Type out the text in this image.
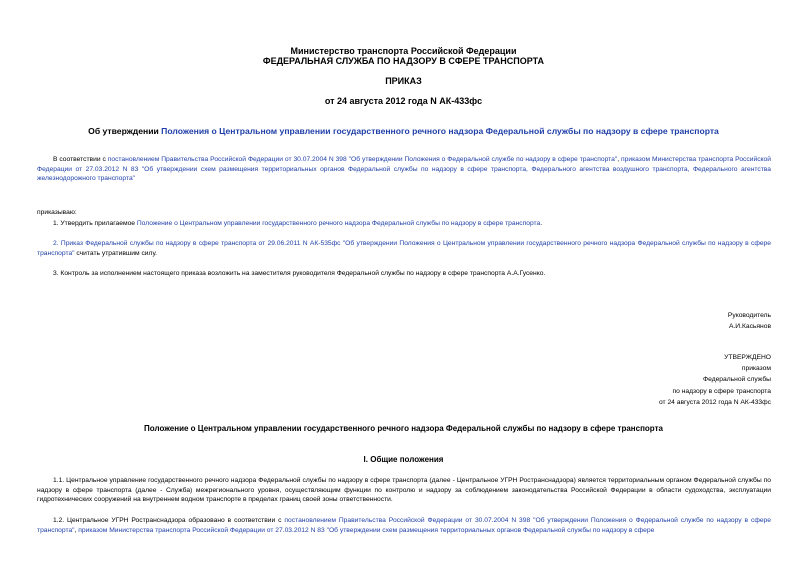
Министерство транспорта Российской Федерации
ФЕДЕРАЛЬНАЯ СЛУЖБА ПО НАДЗОРУ В СФЕРЕ ТРАНСПОРТА
ПРИКАЗ
от 24 августа 2012 года N АК-433фс
Об утверждении Положения о Центральном управлении государственного речного надзора Федеральной службы по надзору в сфере транспорта
В соответствии с постановлением Правительства Российской Федерации от 30.07.2004 N 398 "Об утверждении Положения о Федеральной службе по надзору в сфере транспорта", приказом Министерства транспорта Российской Федерации от 27.03.2012 N 83 "Об утверждении схем размещения территориальных органов Федеральной службы по надзору в сфере транспорта, Федерального агентства воздушного транспорта, Федерального агентства железнодорожного транспорта"
приказываю:
1. Утвердить прилагаемое Положение о Центральном управлении государственного речного надзора Федеральной службы по надзору в сфере транспорта.
2. Приказ Федеральной службы по надзору в сфере транспорта от 29.06.2011 N АК-535фс "Об утверждении Положения о Центральном управлении государственного речного надзора Федеральной службы по надзору в сфере транспорта" считать утратившим силу.
3. Контроль за исполнением настоящего приказа возложить на заместителя руководителя Федеральной службы по надзору в сфере транспорта А.А.Гусенко.
Руководитель
А.И.Касьянов
УТВЕРЖДЕНО
приказом
Федеральной службы
по надзору в сфере транспорта
от 24 августа 2012 года N АК-433фс
Положение о Центральном управлении государственного речного надзора Федеральной службы по надзору в сфере транспорта
I. Общие положения
1.1. Центральное управление государственного речного надзора Федеральной службы по надзору в сфере транспорта (далее - Центральное УГРН Ространснадзора) является территориальным органом Федеральной службы по надзору в сфере транспорта (далее - Служба) межрегионального уровня, осуществляющим функции по контролю и надзору за соблюдением законодательства Российской Федерации в области судоходства, эксплуатации гидротехнических сооружений на внутреннем водном транспорте в пределах границ своей зоны ответственности.
1.2. Центральное УГРН Ространснадзора образовано в соответствии с постановлением Правительства Российской Федерации от 30.07.2004 N 398 "Об утверждении Положения о Федеральной службе по надзору в сфере транспорта", приказом Министерства транспорта Российской Федерации от 27.03.2012 N 83 "Об утверждении схем размещения территориальных органов Федеральной службы по надзору в сфере
